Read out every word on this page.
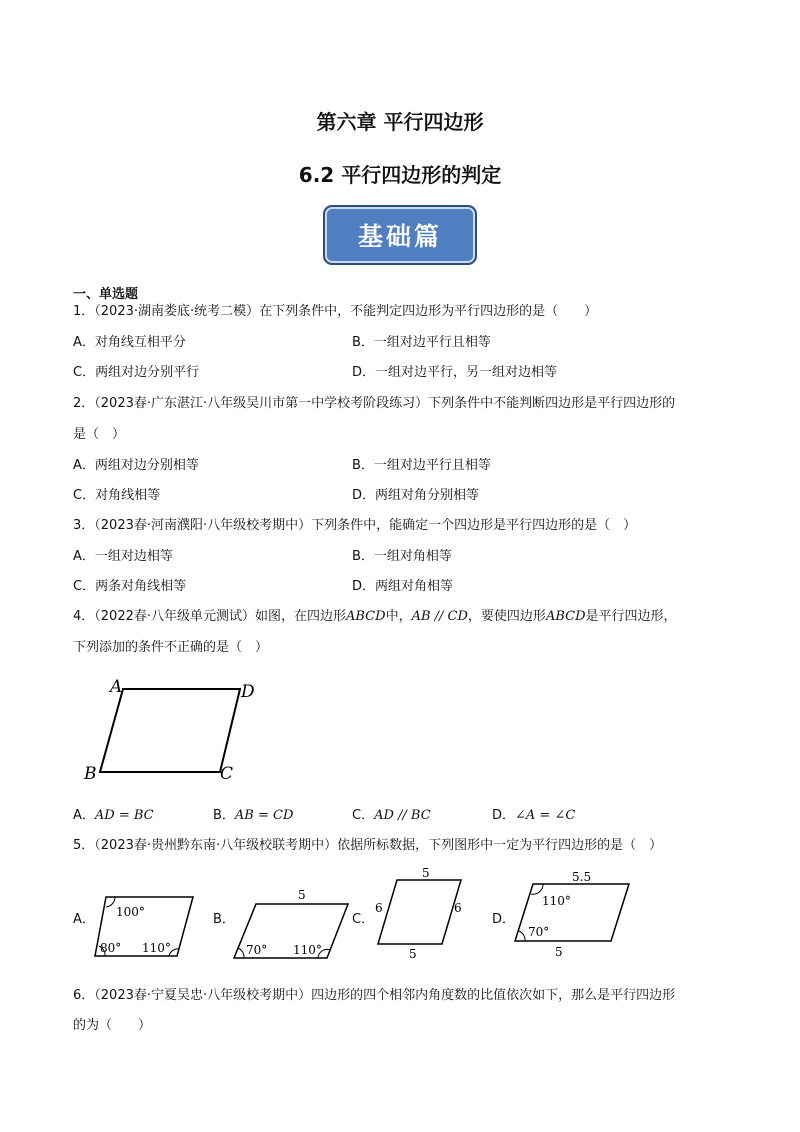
第六章 平行四边形
6.2 平行四边形的判定
基础篇
一、单选题
1．（2023·湖南娄底·统考二模）在下列条件中，不能判定四边形为平行四边形的是（　　）
A．对角线互相平分	B．一组对边平行且相等
C．两组对边分别平行	D．一组对边平行，另一组对边相等
2．（2023春·广东湛江·八年级吴川市第一中学校考阶段练习）下列条件中不能判断四边形是平行四边形的
是（　）
A．两组对边分别相等	B．一组对边平行且相等
C．对角线相等	D．两组对角分别相等
3．（2023春·河南濮阳·八年级校考期中）下列条件中，能确定一个四边形是平行四边形的是（　）
A．一组对边相等	B．一组对角相等
C．两条对角线相等	D．两组对角相等
4．（2022春·八年级单元测试）如图，在四边形ABCD中，AB // CD，要使四边形ABCD是平行四边形，
下列添加的条件不正确的是（　）
A	D
B	C
A．AD = BC	B．AB = CD	C．AD // BC	D．∠A = ∠C
5．（2023春·贵州黔东南·八年级校联考期中）依据所标数据，下列图形中一定为平行四边形的是（　）
A． 100°
80° 110°
B．
5
70° 110°
C．
5
6	6
5
D．
5.5
110°
70°
5
6．（2023春·宁夏吴忠·八年级校考期中）四边形的四个相邻内角度数的比值依次如下，那么是平行四边形
的为（　　）
